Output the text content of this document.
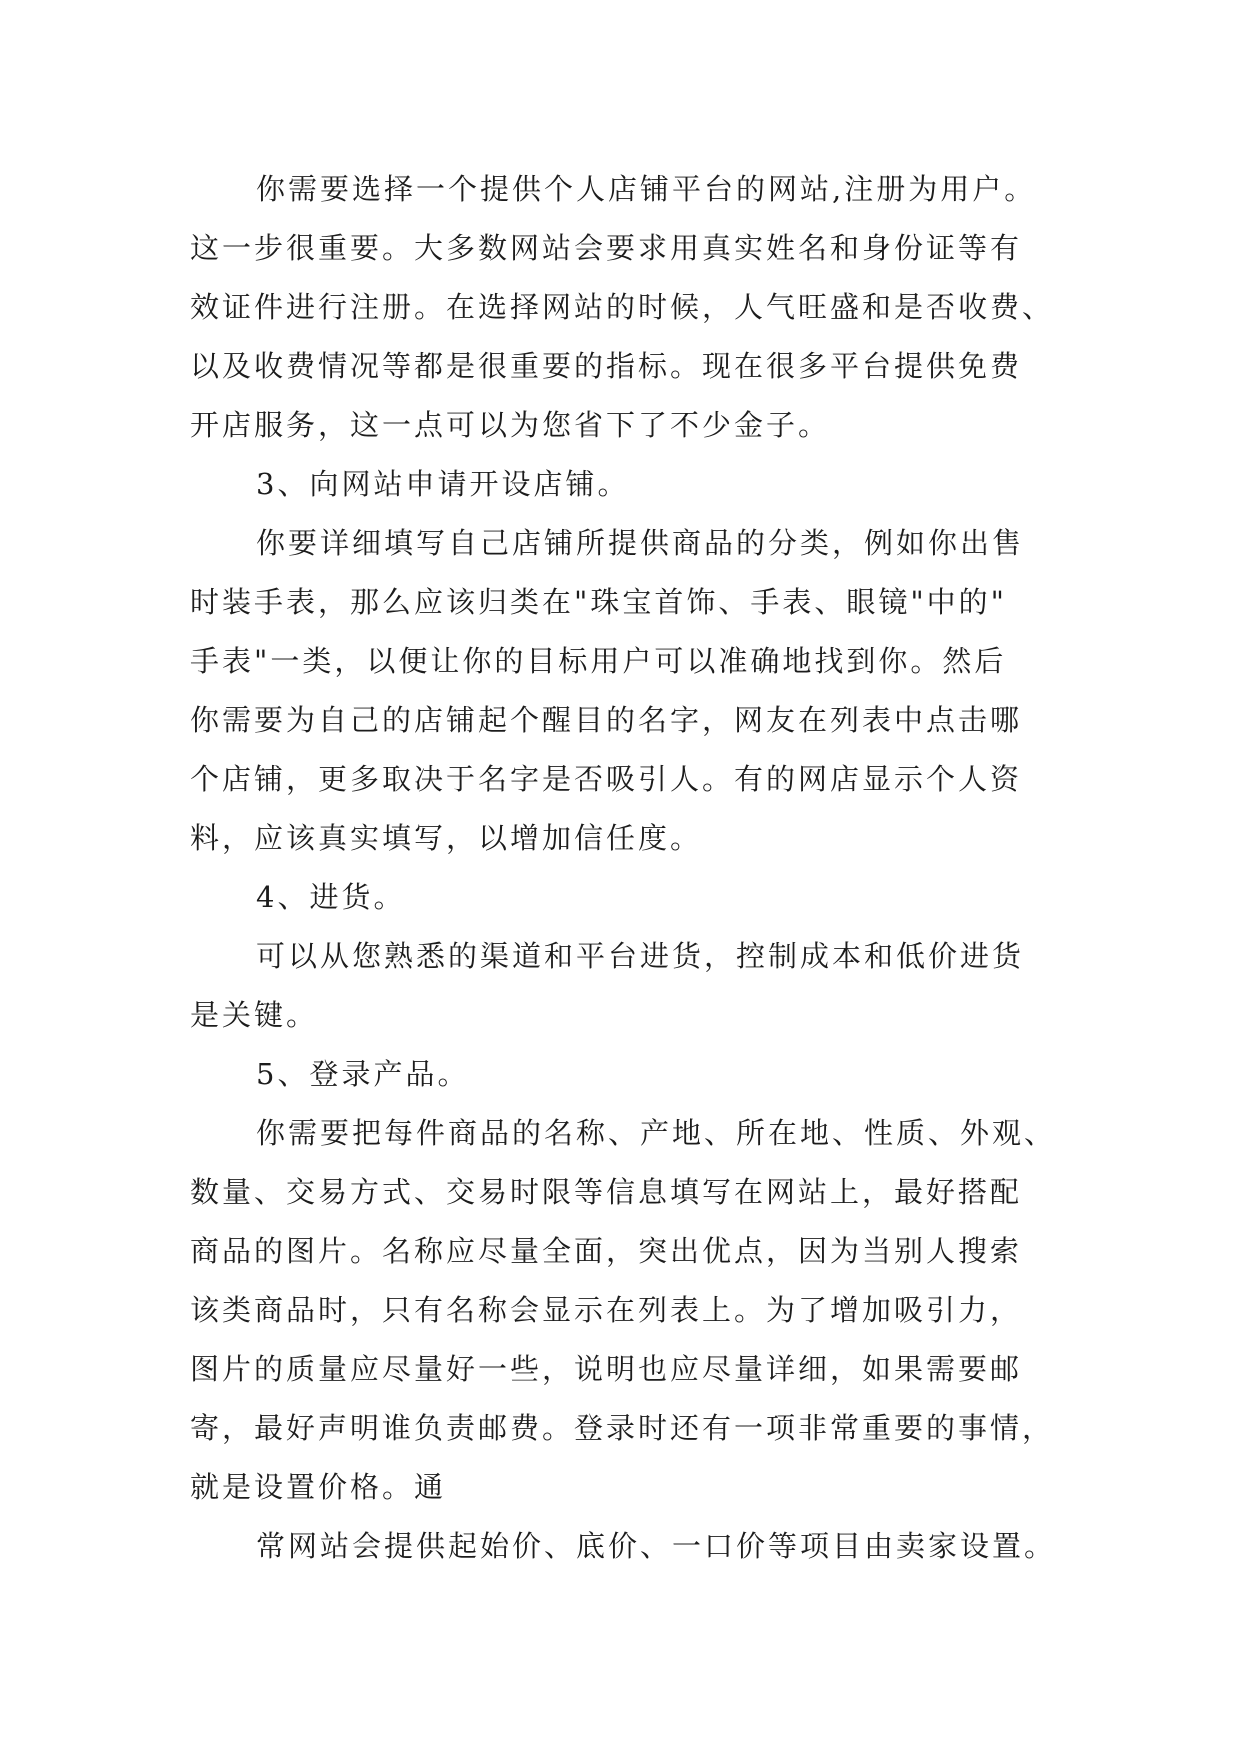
你需要选择一个提供个人店铺平台的网站,注册为用户。
这一步很重要。大多数网站会要求用真实姓名和身份证等有
效证件进行注册。在选择网站的时候，人气旺盛和是否收费、
以及收费情况等都是很重要的指标。现在很多平台提供免费
开店服务，这一点可以为您省下了不少金子。
3、向网站申请开设店铺。
你要详细填写自己店铺所提供商品的分类，例如你出售
时装手表，那么应该归类在"珠宝首饰、手表、眼镜"中的"
手表"一类，以便让你的目标用户可以准确地找到你。然后
你需要为自己的店铺起个醒目的名字，网友在列表中点击哪
个店铺，更多取决于名字是否吸引人。有的网店显示个人资
料，应该真实填写，以增加信任度。
4、进货。
可以从您熟悉的渠道和平台进货，控制成本和低价进货
是关键。
5、登录产品。
你需要把每件商品的名称、产地、所在地、性质、外观、
数量、交易方式、交易时限等信息填写在网站上，最好搭配
商品的图片。名称应尽量全面，突出优点，因为当别人搜索
该类商品时，只有名称会显示在列表上。为了增加吸引力，
图片的质量应尽量好一些，说明也应尽量详细，如果需要邮
寄，最好声明谁负责邮费。登录时还有一项非常重要的事情，
就是设置价格。通
常网站会提供起始价、底价、一口价等项目由卖家设置。
